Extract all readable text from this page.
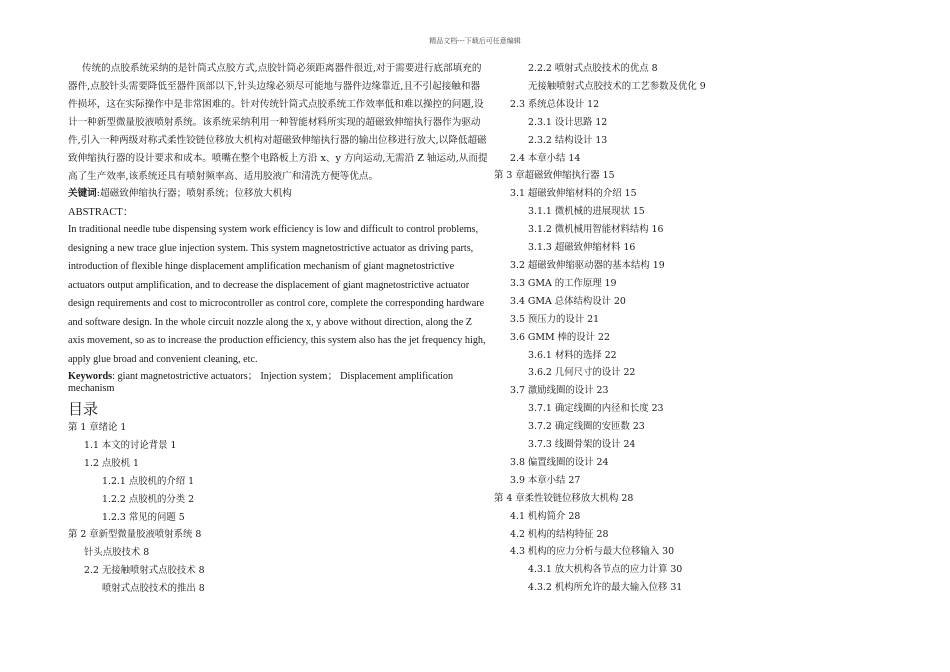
精品文档---下载后可任意编辑

传统的点胶系统采纳的是针筒式点胶方式,点胶针筒必须距离器件很近,对于需要进行底部填充的器件,点胶针头需要降低至器件顶部以下,针头边缘必须尽可能地与器件边缘靠近,且不引起接触和器件损坏，这在实际操作中是非常困难的。针对传统针筒式点胶系统工作效率低和难以操控的问题,设计一种新型微量胶液喷射系统。该系统采纳利用一种智能材料所实现的超磁致伸缩执行器作为驱动件,引入一种两级对称式柔性铰链位移放大机构对超磁致伸缩执行器的输出位移进行放大,以降低超磁致伸缩执行器的设计要求和成本。喷嘴在整个电路板上方沿 x、y 方向运动,无需沿 Z 轴运动,从而提高了生产效率,该系统还具有喷射频率高、适用胶液广和清洗方便等优点。

关键词:超磁致伸缩执行器；喷射系统；位移放大机构
ABSTRACT：

In traditional needle tube dispensing system work efficiency is low and difficult to control problems, designing a new trace glue injection system. This system magnetostrictive actuator as driving parts, introduction of flexible hinge displacement amplification mechanism of giant magnetostrictive actuators output amplification, and to decrease the displacement of giant magnetostrictive actuator design requirements and cost to microcontroller as control core, complete the corresponding hardware and software design. In the whole circuit nozzle along the x, y above without direction, along the Z axis movement, so as to increase the production efficiency, this system also has the jet frequency high, apply glue broad and convenient cleaning, etc.

Keywords: giant magnetostrictive actuators； Injection system； Displacement amplification mechanism
目录
第 1 章绪论 1
1.1 本文的讨论背景 1
1.2 点胶机 1
1.2.1 点胶机的介绍 1
1.2.2 点胶机的分类 2
1.2.3 常见的问题 5
第 2 章新型微量胶液喷射系统 8
针头点胶技术 8
2.2 无接触喷射式点胶技术 8
喷射式点胶技术的推出 8
2.2.2 喷射式点胶技术的优点 8
无接触喷射式点胶技术的工艺参数及优化 9
2.3 系统总体设计 12
2.3.1 设计思路 12
2.3.2 结构设计 13
2.4 本章小结 14
第 3 章超磁致伸缩执行器 15
3.1 超磁致伸缩材料的介绍 15
3.1.1 微机械的进展现状 15
3.1.2 微机械用智能材料结构 16
3.1.3 超磁致伸缩材料 16
3.2 超磁致伸缩驱动器的基本结构 19
3.3 GMA 的工作原理 19
3.4 GMA 总体结构设计 20
3.5 预压力的设计 21
3.6 GMM 棒的设计 22
3.6.1 材料的选择 22
3.6.2 几何尺寸的设计 22
3.7 激励线圈的设计 23
3.7.1 确定线圈的内径和长度 23
3.7.2 确定线圈的安匝数 23
3.7.3 线圈骨架的设计 24
3.8 偏置线圈的设计 24
3.9 本章小结 27
第 4 章柔性铰链位移放大机构 28
4.1 机构简介 28
4.2 机构的结构特征 28
4.3 机构的应力分析与最大位移输入 30
4.3.1 放大机构各节点的应力计算 30
4.3.2 机构所允许的最大输入位移 31
